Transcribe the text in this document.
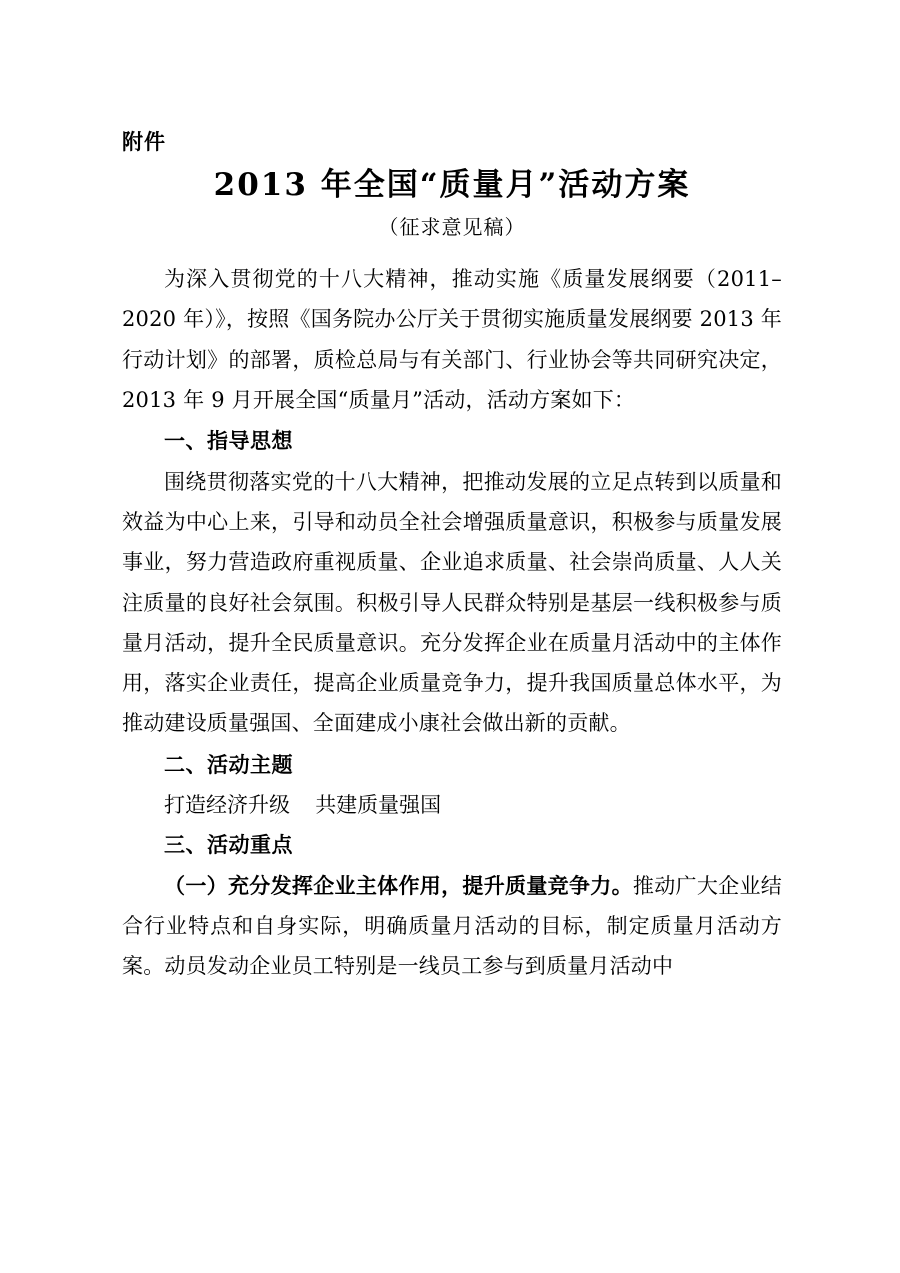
附件
2013 年全国“质量月”活动方案
（征求意见稿）

为深入贯彻党的十八大精神，推动实施《质量发展纲要（2011–2020 年）》，按照《国务院办公厅关于贯彻实施质量发展纲要 2013 年行动计划》的部署，质检总局与有关部门、行业协会等共同研究决定，2013 年 9 月开展全国“质量月”活动，活动方案如下：

一、指导思想

围绕贯彻落实党的十八大精神，把推动发展的立足点转到以质量和效益为中心上来，引导和动员全社会增强质量意识，积极参与质量发展事业，努力营造政府重视质量、企业追求质量、社会崇尚质量、人人关注质量的良好社会氛围。积极引导人民群众特别是基层一线积极参与质量月活动，提升全民质量意识。充分发挥企业在质量月活动中的主体作用，落实企业责任，提高企业质量竞争力，提升我国质量总体水平，为推动建设质量强国、全面建成小康社会做出新的贡献。

二、活动主题

打造经济升级 共建质量强国

三、活动重点

（一）充分发挥企业主体作用，提升质量竞争力。推动广大企业结合行业特点和自身实际，明确质量月活动的目标，制定质量月活动方案。动员发动企业员工特别是一线员工参与到质量月活动中
